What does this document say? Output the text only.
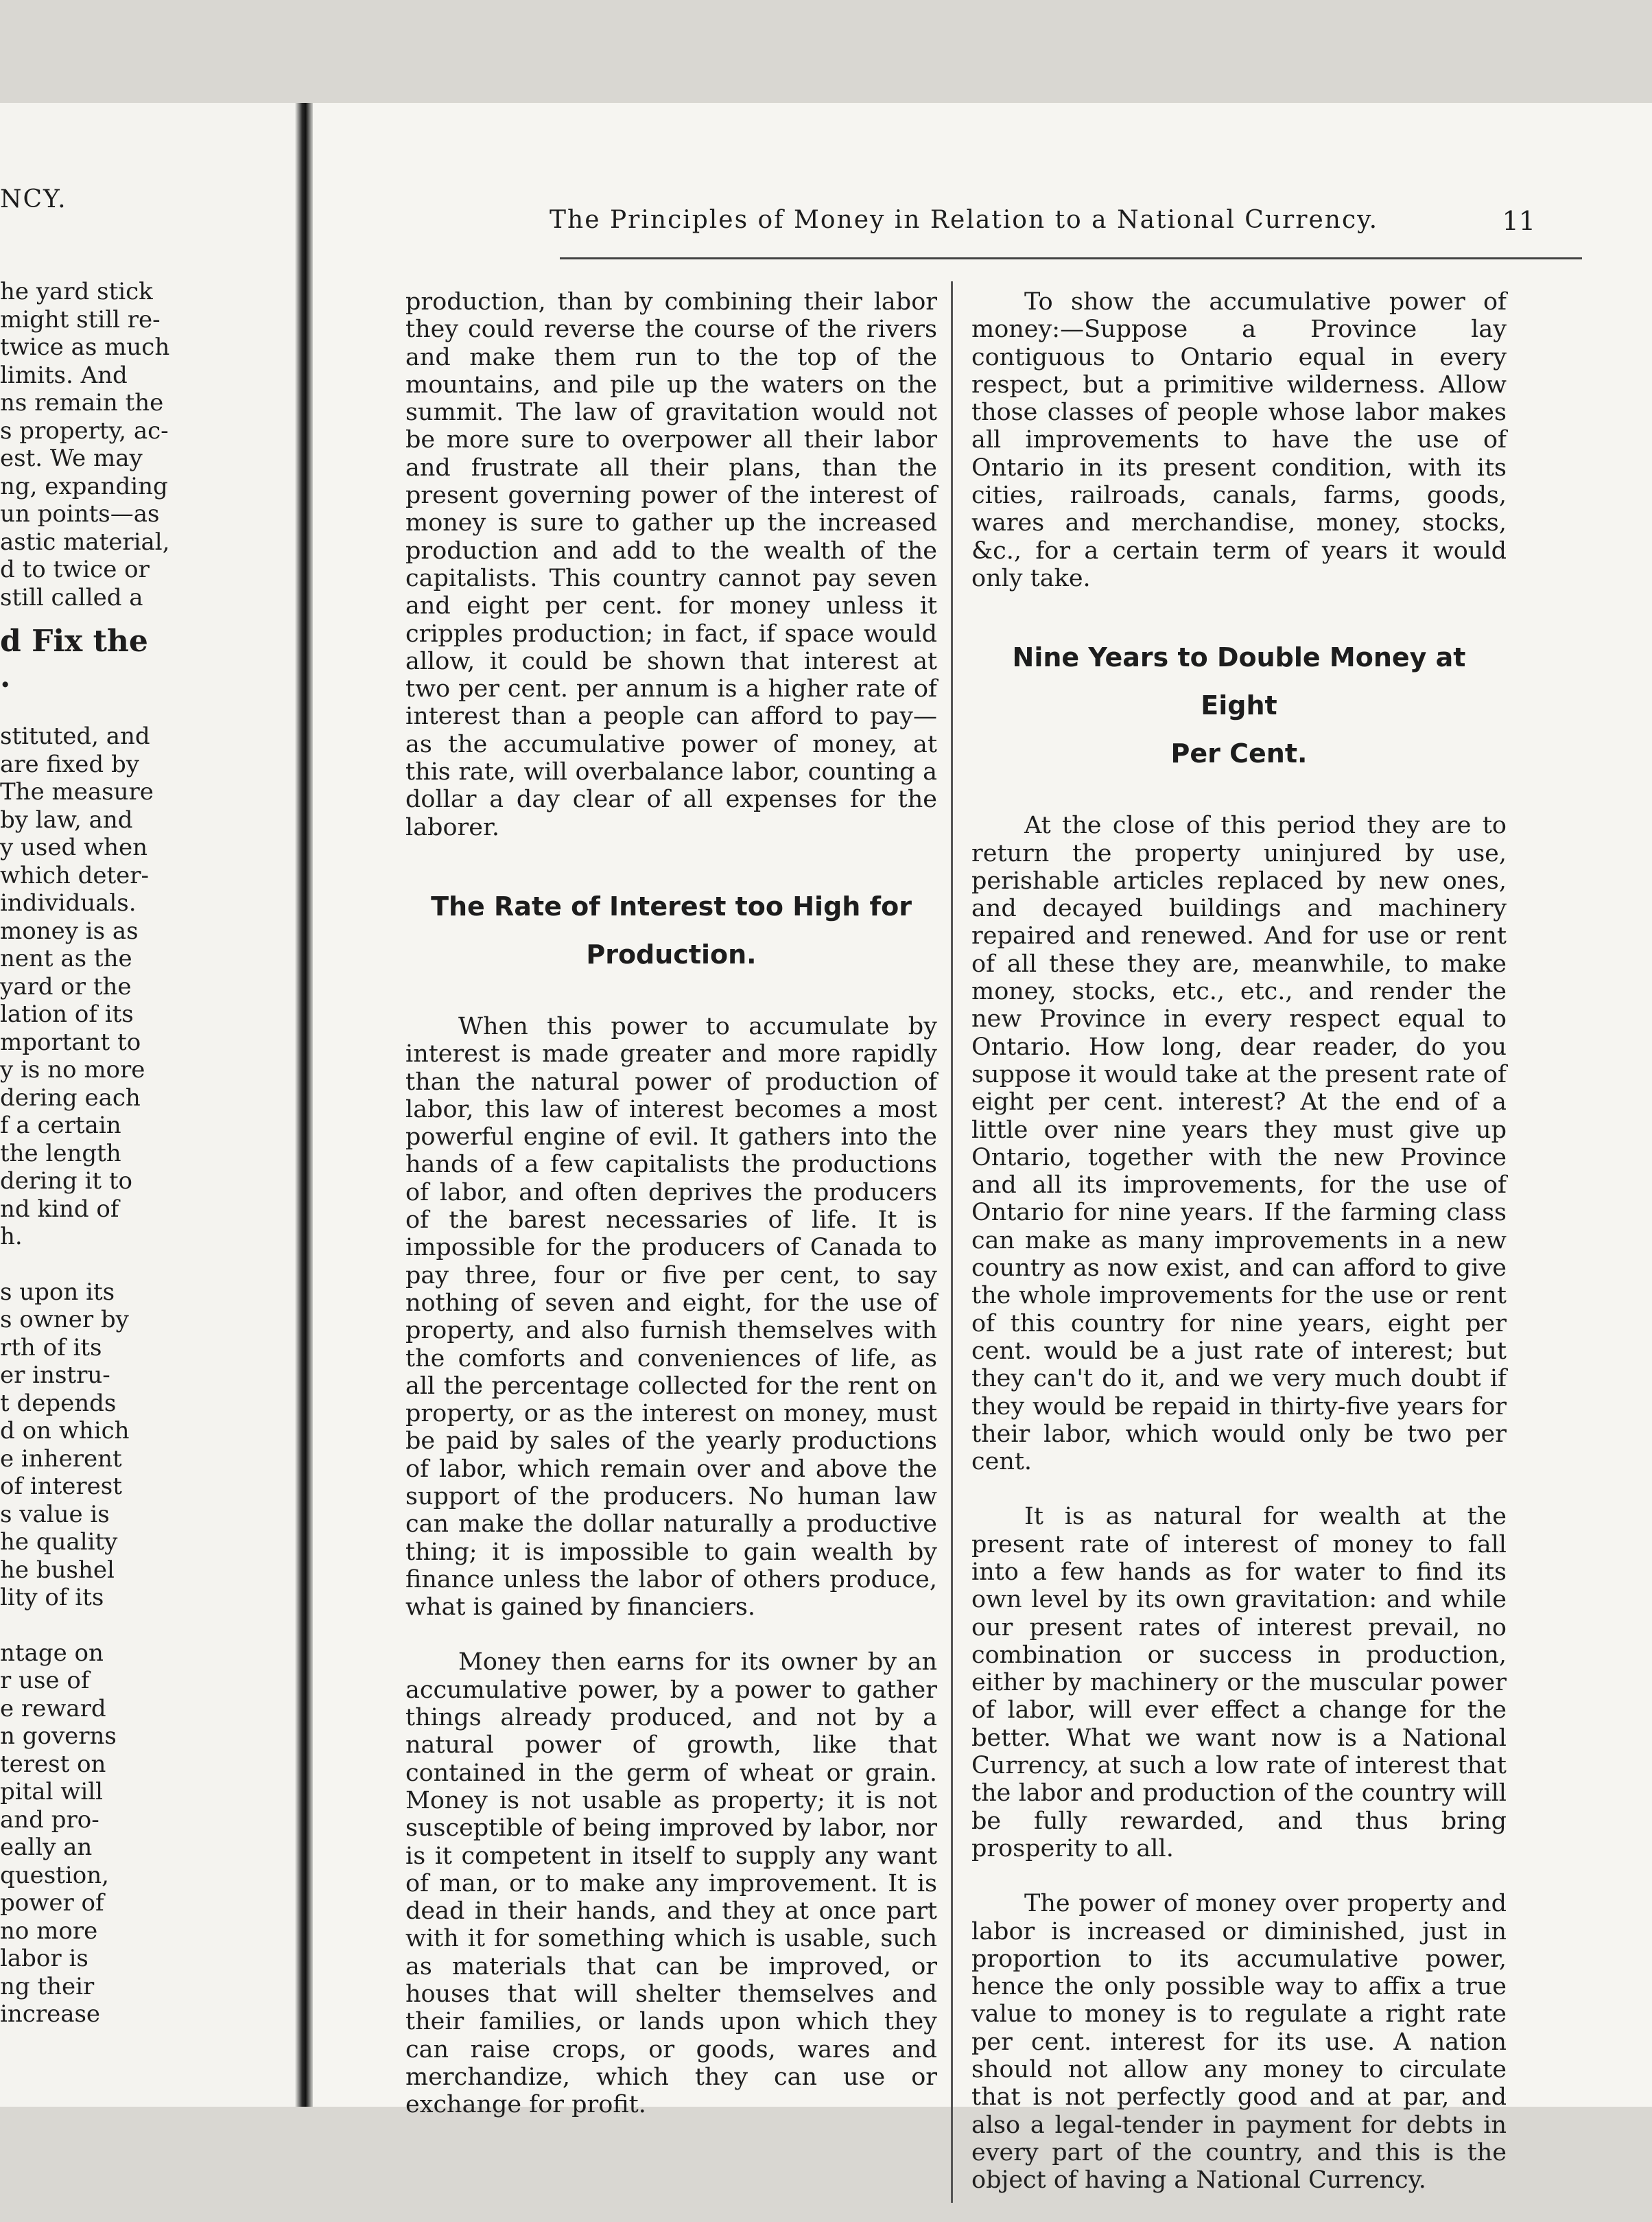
NCY.
he yard stick
might still re-
twice as much
limits. And
ns remain the
s property, ac-
est. We may
ng, expanding
un points—as
astic material,
d to twice or
still called a
d Fix the
.
stituted, and
are fixed by
The measure
by law, and
y used when
which deter-
individuals.
money is as
nent as the
yard or the
lation of its
mportant to
y is no more
dering each
f a certain
the length
dering it to
nd kind of
h.
s upon its
s owner by
rth of its
er instru-
t depends
d on which
e inherent
of interest
s value is
he quality
he bushel
lity of its
ntage on
r use of
e reward
n governs
terest on
pital will
and pro-
eally an
question,
power of
no more
labor is
ng their
increase
The Principles of Money in Relation to a National Currency.	11

production, than by combining their labor they could reverse the course of the rivers and make them run to the top of the mountains, and pile up the waters on the summit. The law of gravitation would not be more sure to overpower all their labor and frustrate all their plans, than the present governing power of the interest of money is sure to gather up the increased production and add to the wealth of the capitalists. This country cannot pay seven and eight per cent. for money unless it cripples production; in fact, if space would allow, it could be shown that interest at two per cent. per annum is a higher rate of interest than a people can afford to pay—as the accumulative power of money, at this rate, will overbalance labor, counting a dollar a day clear of all expenses for the laborer.

The Rate of Interest too High for
Production.

When this power to accumulate by interest is made greater and more rapidly than the natural power of production of labor, this law of interest becomes a most powerful engine of evil. It gathers into the hands of a few capitalists the productions of labor, and often deprives the producers of the barest necessaries of life. It is impossible for the producers of Canada to pay three, four or five per cent, to say nothing of seven and eight, for the use of property, and also furnish themselves with the comforts and conveniences of life, as all the percentage collected for the rent on property, or as the interest on money, must be paid by sales of the yearly productions of labor, which remain over and above the support of the producers. No human law can make the dollar naturally a productive thing; it is impossible to gain wealth by finance unless the labor of others produce, what is gained by financiers.

Money then earns for its owner by an accumulative power, by a power to gather things already produced, and not by a natural power of growth, like that contained in the germ of wheat or grain. Money is not usable as property; it is not susceptible of being improved by labor, nor is it competent in itself to supply any want of man, or to make any improvement. It is dead in their hands, and they at once part with it for something which is usable, such as materials that can be improved, or houses that will shelter themselves and their families, or lands upon which they can raise crops, or goods, wares and merchandize, which they can use or exchange for profit.

To show the accumulative power of money:—Suppose a Province lay contiguous to Ontario equal in every respect, but a primitive wilderness. Allow those classes of people whose labor makes all improvements to have the use of Ontario in its present condition, with its cities, railroads, canals, farms, goods, wares and merchandise, money, stocks, &c., for a certain term of years it would only take.

Nine Years to Double Money at Eight
Per Cent.

At the close of this period they are to return the property uninjured by use, perishable articles replaced by new ones, and decayed buildings and machinery repaired and renewed. And for use or rent of all these they are, meanwhile, to make money, stocks, etc., etc., and render the new Province in every respect equal to Ontario. How long, dear reader, do you suppose it would take at the present rate of eight per cent. interest? At the end of a little over nine years they must give up Ontario, together with the new Province and all its improvements, for the use of Ontario for nine years. If the farming class can make as many improvements in a new country as now exist, and can afford to give the whole improvements for the use or rent of this country for nine years, eight per cent. would be a just rate of interest; but they can't do it, and we very much doubt if they would be repaid in thirty-five years for their labor, which would only be two per cent.

It is as natural for wealth at the present rate of interest of money to fall into a few hands as for water to find its own level by its own gravitation: and while our present rates of interest prevail, no combination or success in production, either by machinery or the muscular power of labor, will ever effect a change for the better. What we want now is a National Currency, at such a low rate of interest that the labor and production of the country will be fully rewarded, and thus bring prosperity to all.

The power of money over property and labor is increased or diminished, just in proportion to its accumulative power, hence the only possible way to affix a true value to money is to regulate a right rate per cent. interest for its use. A nation should not allow any money to circulate that is not perfectly good and at par, and also a legal-tender in payment for debts in every part of the country, and this is the object of having a National Currency.
